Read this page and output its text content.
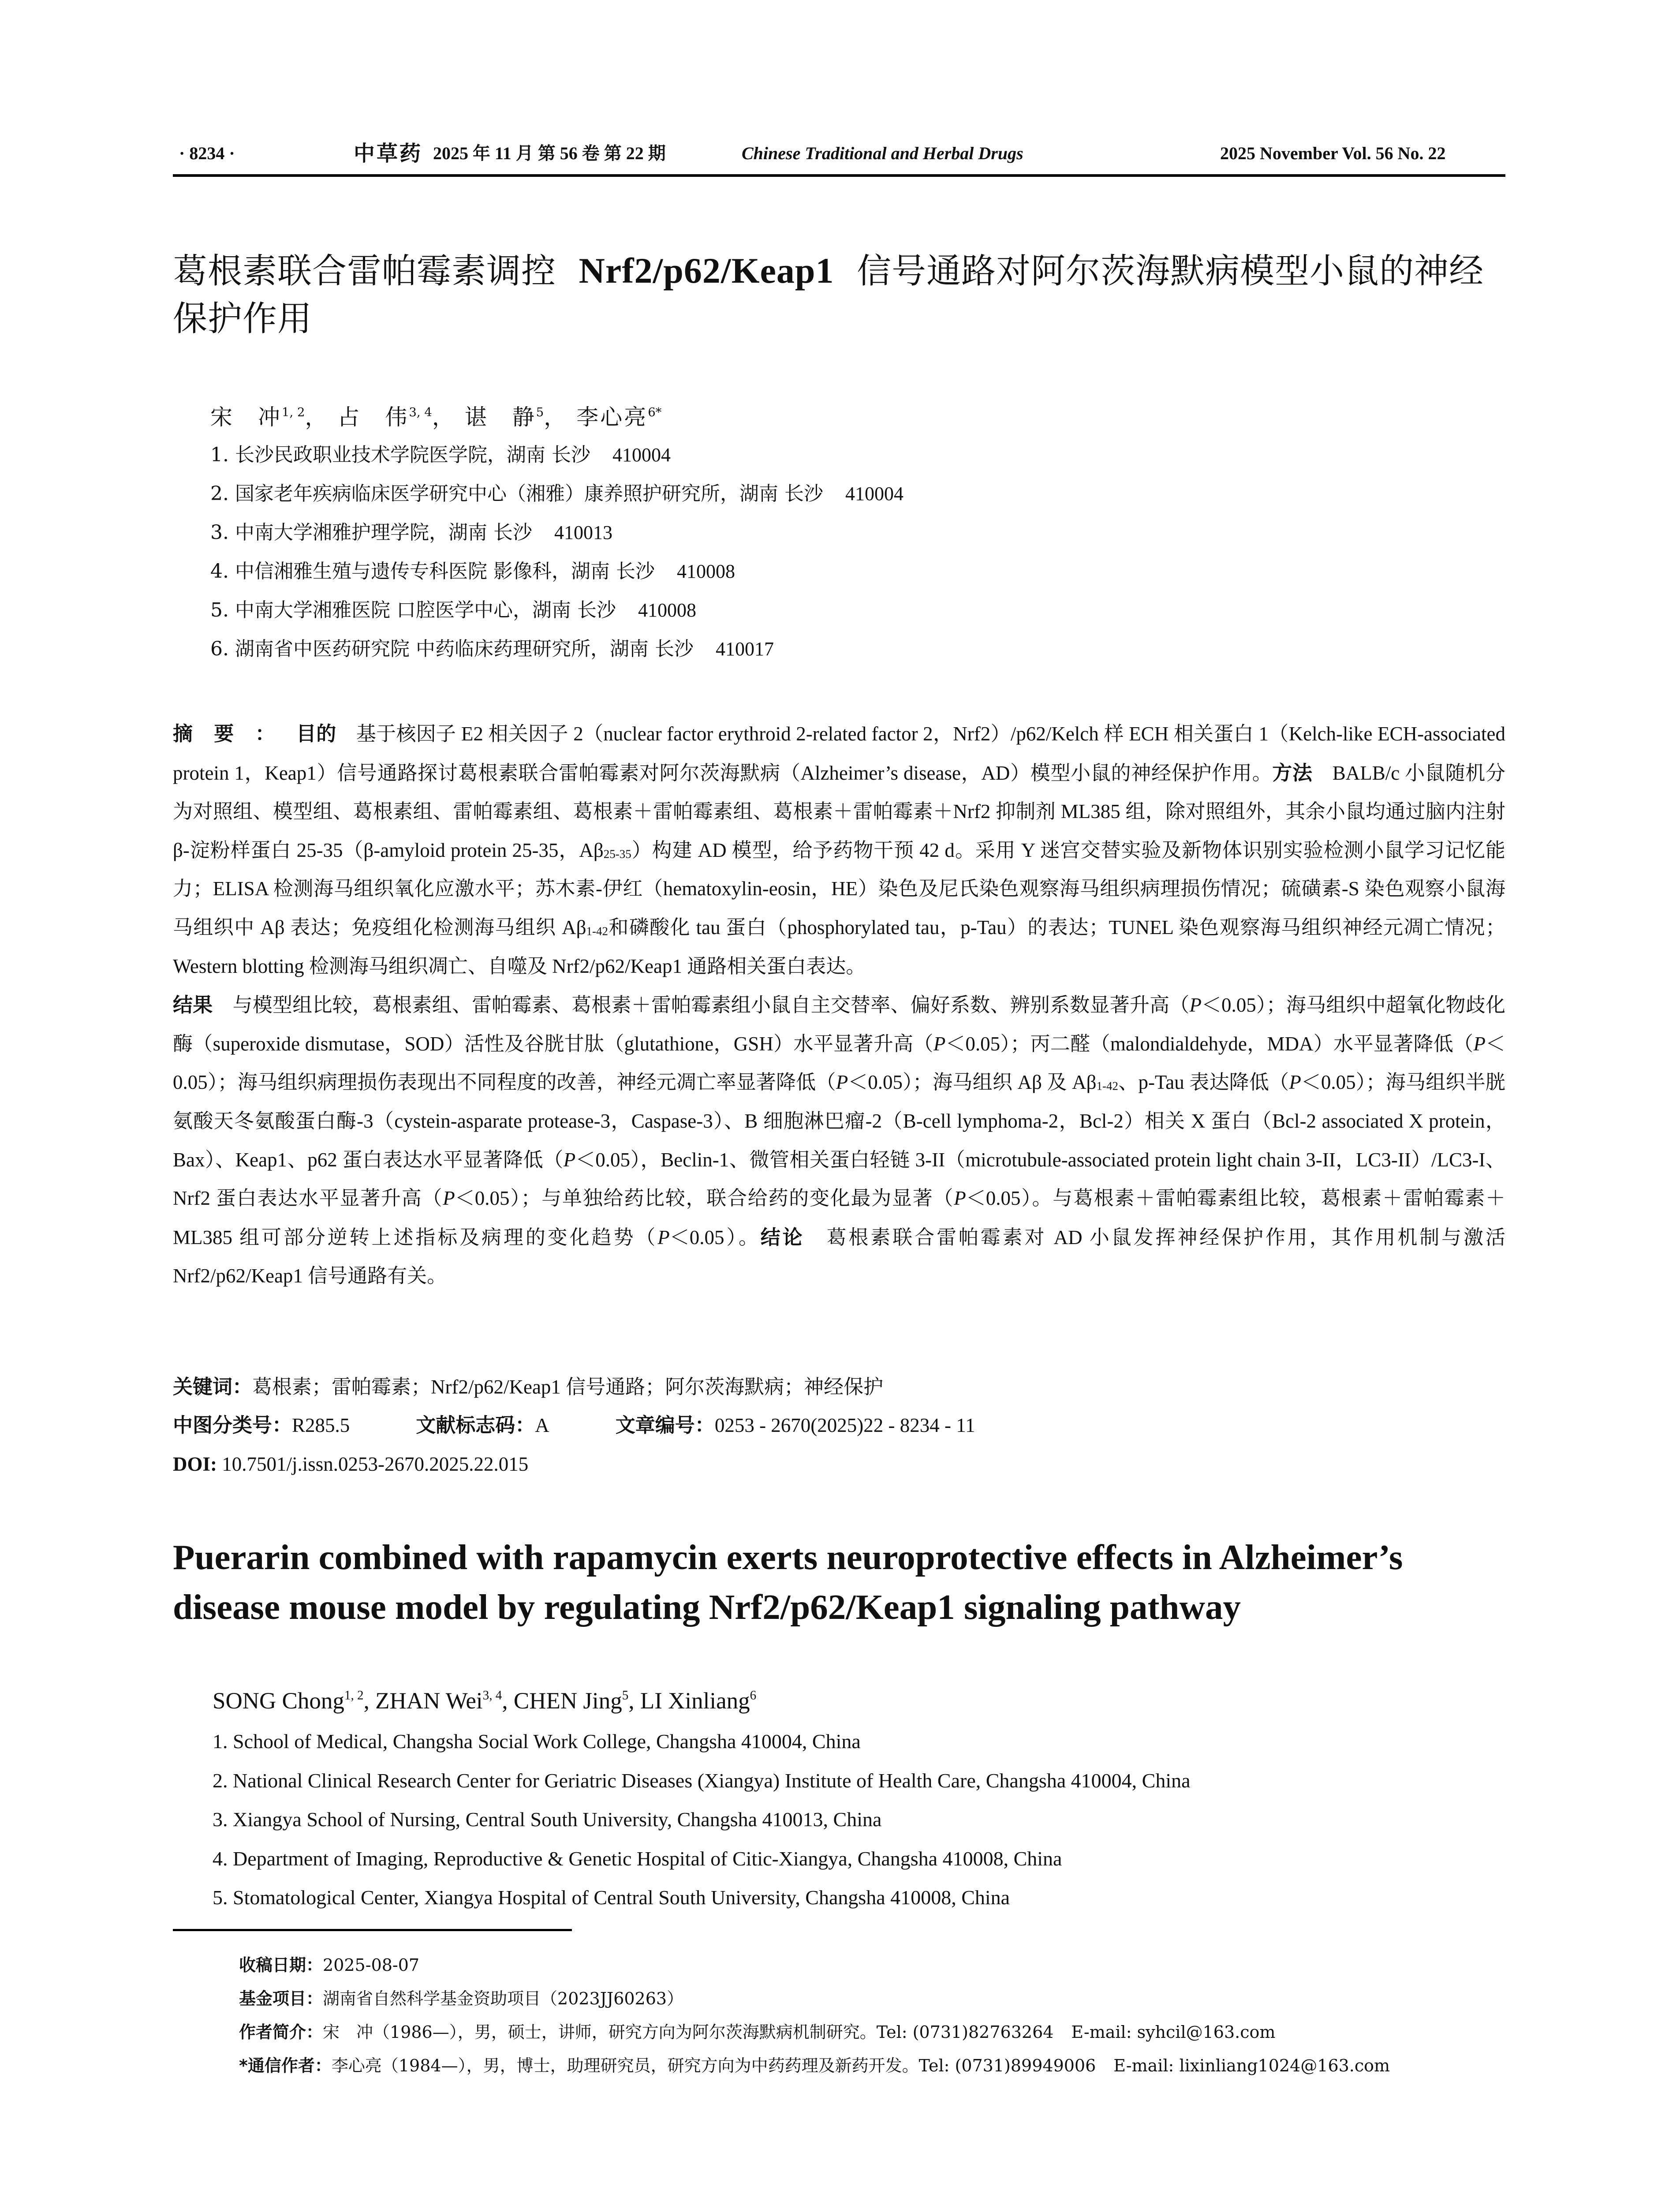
· 8234 ·	中草药 2025 年 11 月 第 56 卷 第 22 期	Chinese Traditional and Herbal Drugs	2025 November Vol. 56 No. 22
葛根素联合雷帕霉素调控 Nrf2/p62/Keap1 信号通路对阿尔茨海默病模型小鼠的神经保护作用
宋　冲$^{1, 2}$， 占　伟$^{3, 4}$， 谌　静$^5$， 李心亮$^{6*}$
1. 长沙民政职业技术学院医学院，湖南 长沙 410004
2. 国家老年疾病临床医学研究中心（湘雅）康养照护研究所，湖南 长沙 410004
3. 中南大学湘雅护理学院，湖南 长沙 410013
4. 中信湘雅生殖与遗传专科医院 影像科，湖南 长沙 410008
5. 中南大学湘雅医院 口腔医学中心，湖南 长沙 410008
6. 湖南省中医药研究院 中药临床药理研究所，湖南 长沙 410017
摘要：目的  基于核因子 E2 相关因子 2（nuclear factor erythroid 2-related factor 2，Nrf2）/p62/Kelch 样 ECH 相关蛋白 1（Kelch-like ECH-associated protein 1，Keap1）信号通路探讨葛根素联合雷帕霉素对阿尔茨海默病（Alzheimer’s disease，AD）模型小鼠的神经保护作用。方法  BALB/c 小鼠随机分为对照组、模型组、葛根素组、雷帕霉素组、葛根素＋雷帕霉素组、葛根素＋雷帕霉素＋Nrf2 抑制剂 ML385 组，除对照组外，其余小鼠均通过脑内注射 β-淀粉样蛋白 25-35（β-amyloid protein 25-35，$A\beta_{25-35}$）构建 AD 模型，给予药物干预 42 d。采用 Y 迷宫交替实验及新物体识别实验检测小鼠学习记忆能力；ELISA 检测海马组织氧化应激水平；苏木素-伊红（hematoxylin-eosin，HE）染色及尼氏染色观察海马组织病理损伤情况；硫磺素-S 染色观察小鼠海马组织中 Aβ 表达；免疫组化检测海马组织 $A\beta_{1-42}$和磷酸化 tau 蛋白（phosphorylated tau，p-Tau）的表达；TUNEL 染色观察海马组织神经元凋亡情况；Western blotting 检测海马组织凋亡、自噬及 Nrf2/p62/Keap1 通路相关蛋白表达。
结果  与模型组比较，葛根素组、雷帕霉素、葛根素＋雷帕霉素组小鼠自主交替率、偏好系数、辨别系数显著升高（P＜0.05）；海马组织中超氧化物歧化酶（superoxide dismutase，SOD）活性及谷胱甘肽（glutathione，GSH）水平显著升高（P＜0.05）；丙二醛（malondialdehyde，MDA）水平显著降低（P＜0.05）；海马组织病理损伤表现出不同程度的改善，神经元凋亡率显著降低（P＜0.05）；海马组织 Aβ 及 $A\beta_{1-42}$、p-Tau 表达降低（P＜0.05）；海马组织半胱氨酸天冬氨酸蛋白酶-3（cystein-asparate protease-3，Caspase-3）、B 细胞淋巴瘤-2（B-cell lymphoma-2，Bcl-2）相关 X 蛋白（Bcl-2 associated X protein，Bax）、Keap1、p62 蛋白表达水平显著降低（P＜0.05），Beclin-1、微管相关蛋白轻链 3-II（microtubule-associated protein light chain 3-II，LC3-II）/LC3-I、Nrf2 蛋白表达水平显著升高（P＜0.05）；与单独给药比较，联合给药的变化最为显著（P＜0.05）。与葛根素＋雷帕霉素组比较，葛根素＋雷帕霉素＋ML385 组可部分逆转上述指标及病理的变化趋势（P＜0.05）。结论  葛根素联合雷帕霉素对 AD 小鼠发挥神经保护作用，其作用机制与激活 Nrf2/p62/Keap1 信号通路有关。
关键词：葛根素；雷帕霉素；Nrf2/p62/Keap1 信号通路；阿尔茨海默病；神经保护
中图分类号：R285.5	文献标志码：A	文章编号：0253 - 2670(2025)22 - 8234 - 11
DOI: 10.7501/j.issn.0253-2670.2025.22.015
Puerarin combined with rapamycin exerts neuroprotective effects in Alzheimer’s disease mouse model by regulating Nrf2/p62/Keap1 signaling pathway
SONG Chong$^{1, 2}$, ZHAN Wei$^{3, 4}$, CHEN Jing$^5$, LI Xinliang$^6$
1. School of Medical, Changsha Social Work College, Changsha 410004, China
2. National Clinical Research Center for Geriatric Diseases (Xiangya) Institute of Health Care, Changsha 410004, China
3. Xiangya School of Nursing, Central South University, Changsha 410013, China
4. Department of Imaging, Reproductive & Genetic Hospital of Citic-Xiangya, Changsha 410008, China
5. Stomatological Center, Xiangya Hospital of Central South University, Changsha 410008, China
收稿日期：2025-08-07
基金项目：湖南省自然科学基金资助项目（2023JJ60263）
作者简介：宋　冲（1986—），男，硕士，讲师，研究方向为阿尔茨海默病机制研究。Tel: (0731)82763264 E-mail: syhcil@163.com
*通信作者：李心亮（1984—），男，博士，助理研究员，研究方向为中药药理及新药开发。Tel: (0731)89949006 E-mail: lixinliang1024@163.com
